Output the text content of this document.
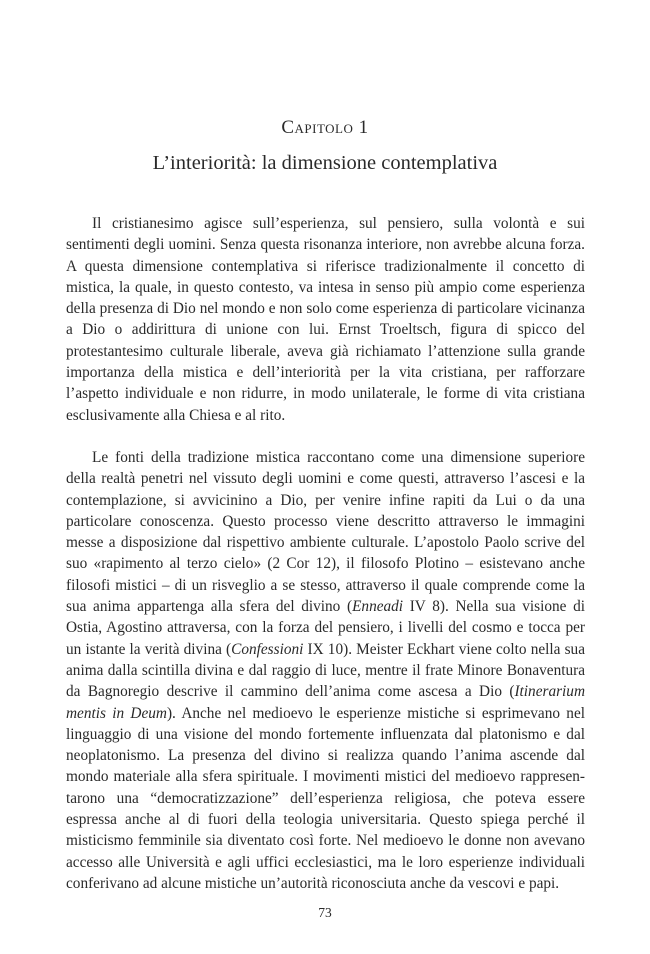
Capitolo 1
L’interiorità: la dimensione contemplativa

Il cristianesimo agisce sull’esperienza, sul pensiero, sulla volontà e sui sentimenti degli uomini. Senza questa risonanza interiore, non avrebbe alcuna forza. A questa dimensione contemplativa si riferisce tradizionalmente il concetto di mistica, la quale, in questo contesto, va intesa in senso più ampio come esperienza della presenza di Dio nel mondo e non solo come esperienza di particolare vicinanza a Dio o addirittura di unione con lui. Ernst Troeltsch, figura di spicco del protestantesimo culturale liberale, aveva già richiamato l’attenzione sulla grande importanza della mistica e dell’interiorità per la vita cristiana, per rafforzare l’aspetto individuale e non ridurre, in modo unilaterale, le forme di vita cristiana esclusivamente alla Chiesa e al rito.

Le fonti della tradizione mistica raccontano come una dimensione superiore della realtà penetri nel vissuto degli uomini e come questi, attraverso l’ascesi e la contemplazione, si avvicinino a Dio, per venire infine rapiti da Lui o da una particolare conoscenza. Questo processo viene descritto attraverso le immagini messe a disposizione dal rispettivo ambiente culturale. L’apostolo Paolo scrive del suo «rapimento al terzo cielo» (2 Cor 12), il filosofo Plotino – esistevano anche filosofi mistici – di un risveglio a se stesso, attraverso il quale comprende come la sua anima appartenga alla sfera del divino (Enneadi IV 8). Nella sua visione di Ostia, Agostino attraversa, con la forza del pensiero, i livelli del cosmo e tocca per un istante la verità divina (Confessioni IX 10). Meister Eckhart viene colto nella sua anima dalla scintilla divina e dal raggio di luce, mentre il frate Minore Bonaventura da Bagnoregio descrive il cammino dell’anima come ascesa a Dio (Itinerarium mentis in Deum). Anche nel medioevo le esperienze mistiche si esprimevano nel linguaggio di una visione del mondo fortemente influenzata dal platonismo e dal neoplatonismo. La presenza del divino si realizza quando l’anima ascende dal mondo materiale alla sfera spirituale. I movimenti mistici del medioevo rappresentarono una “democratizzazione” dell’esperienza religiosa, che poteva essere espressa anche al di fuori della teologia universitaria. Questo spiega perché il misticismo femminile sia diventato così forte. Nel medioevo le donne non avevano accesso alle Università e agli uffici ecclesiastici, ma le loro esperienze individuali conferivano ad alcune mistiche un’autorità riconosciuta anche da vescovi e papi.

73
